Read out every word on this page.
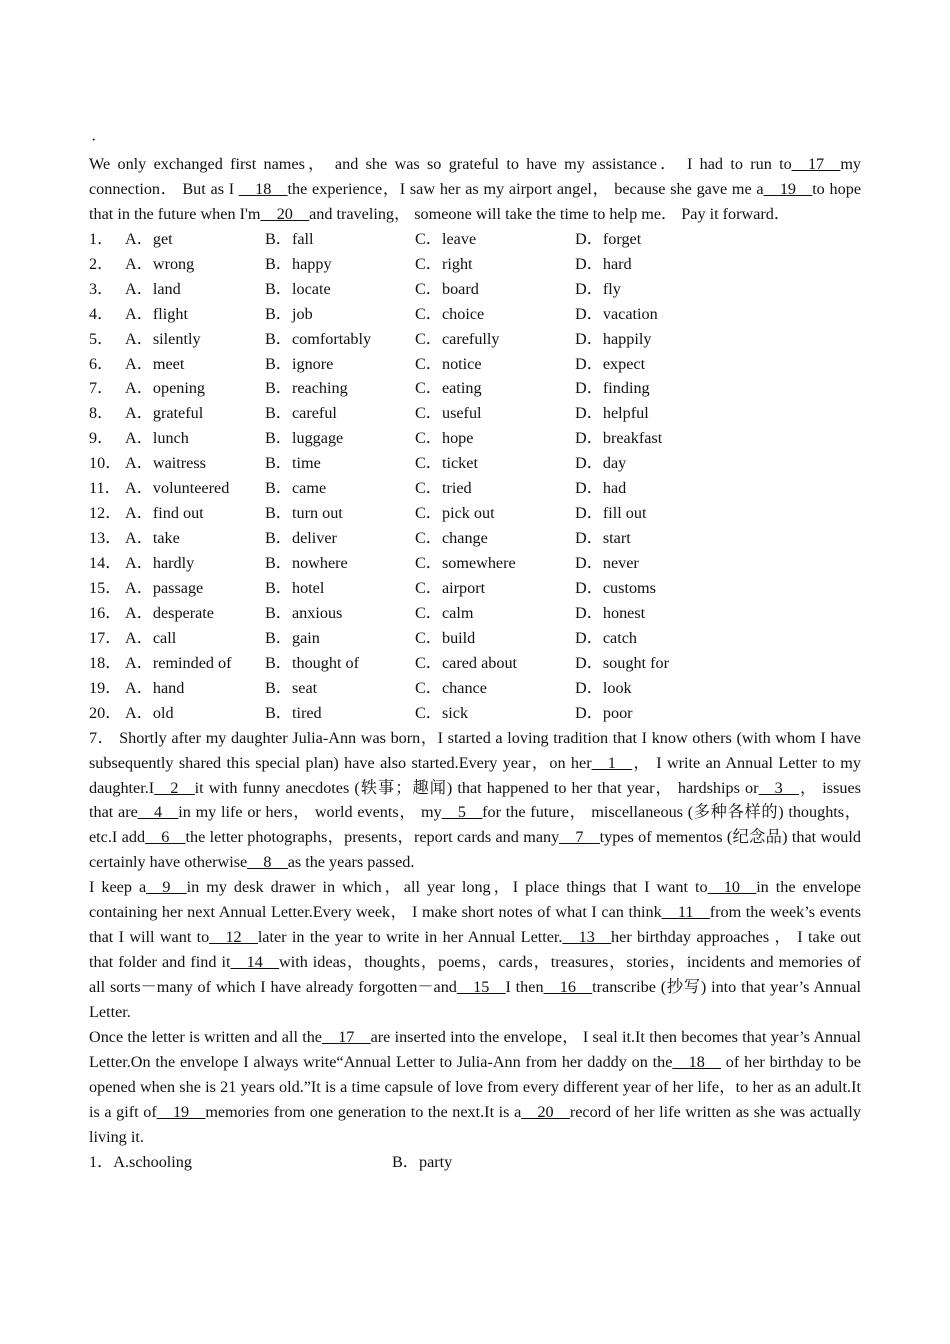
·

We only exchanged first names， and she was so grateful to have my assistance． I had to run to__17__my connection． But as I __18__the experience，I saw her as my airport angel， because she gave me a__19__to hope that in the future when I'm__20__and traveling， someone will take the time to help me． Pay it forward．

1． A．get	B．fall	C．leave	D．forget
2． A．wrong	B．happy	C．right	D．hard
3． A．land	B．locate	C．board	D．fly
4． A．flight	B．job	C．choice	D．vacation
5． A．silently	B．comfortably	C．carefully	D．happily
6． A．meet	B．ignore	C．notice	D．expect
7． A．opening	B．reaching	C．eating	D．finding
8． A．grateful	B．careful	C．useful	D．helpful
9． A．lunch	B．luggage	C．hope	D．breakfast
10． A．waitress	B．time	C．ticket	D．day
11． A．volunteered	B．came	C．tried	D．had
12． A．find out	B．turn out	C．pick out	D．fill out
13． A．take	B．deliver	C．change	D．start
14． A．hardly	B．nowhere	C．somewhere	D．never
15． A．passage	B．hotel	C．airport	D．customs
16． A．desperate	B．anxious	C．calm	D．honest
17． A．call	B．gain	C．build	D．catch
18． A．reminded of	B．thought of	C．cared about	D．sought for
19． A．hand	B．seat	C．chance	D．look
20． A．old	B．tired	C．sick	D．poor

7． Shortly after my daughter Julia-Ann was born，I started a loving tradition that I know others (with whom I have subsequently shared this special plan) have also started.Every year，on her__1__， I write an Annual Letter to my daughter.I__2__it with funny anecdotes (轶事；趣闻) that happened to her that year， hardships or__3__， issues that are__4__in my life or hers， world events， my__5__for the future， miscellaneous (多种各样的) thoughts，etc.I add__6__the letter photographs，presents，report cards and many__7__types of mementos (纪念品) that would certainly have otherwise__8__as the years passed.

I keep a__9__in my desk drawer in which，all year long，I place things that I want to__10__in the envelope containing her next Annual Letter.Every week， I make short notes of what I can think__11__from the week’s events that I will want to__12__later in the year to write in her Annual Letter.__13__her birthday approaches ， I take out that folder and find it__14__with ideas，thoughts，poems，cards，treasures，stories，incidents and memories of all sorts－many of which I have already forgotten－and__15__I then__16__transcribe (抄写) into that year’s Annual Letter.

Once the letter is written and all the__17__are inserted into the envelope， I seal it.It then becomes that year’s Annual Letter.On the envelope I always write“Annual Letter to Julia-Ann from her daddy on the__18__ of her birthday to be opened when she is 21 years old.”It is a time capsule of love from every different year of her life，to her as an adult.It is a gift of__19__memories from one generation to the next.It is a__20__record of her life written as she was actually living it.

1．A.schooling	B．party
